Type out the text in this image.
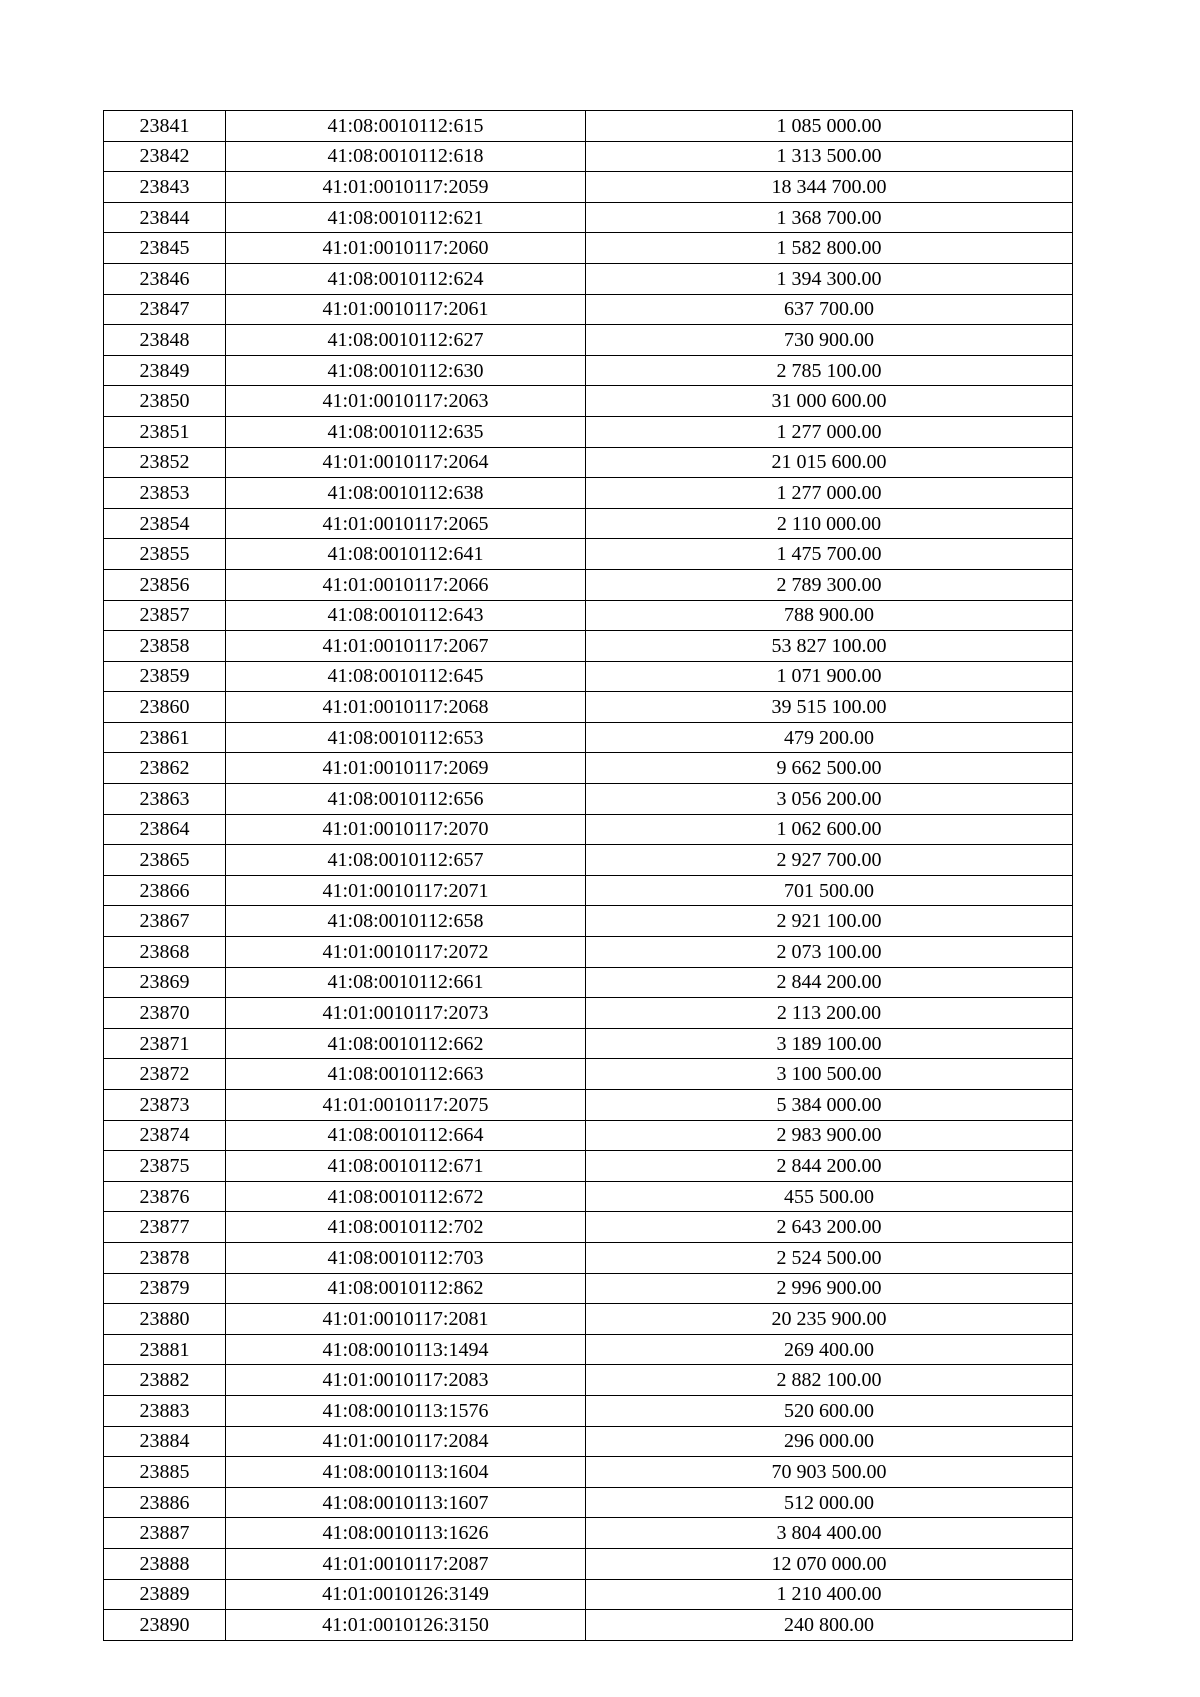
23841	41:08:0010112:615	1 085 000.00
23842	41:08:0010112:618	1 313 500.00
23843	41:01:0010117:2059	18 344 700.00
23844	41:08:0010112:621	1 368 700.00
23845	41:01:0010117:2060	1 582 800.00
23846	41:08:0010112:624	1 394 300.00
23847	41:01:0010117:2061	637 700.00
23848	41:08:0010112:627	730 900.00
23849	41:08:0010112:630	2 785 100.00
23850	41:01:0010117:2063	31 000 600.00
23851	41:08:0010112:635	1 277 000.00
23852	41:01:0010117:2064	21 015 600.00
23853	41:08:0010112:638	1 277 000.00
23854	41:01:0010117:2065	2 110 000.00
23855	41:08:0010112:641	1 475 700.00
23856	41:01:0010117:2066	2 789 300.00
23857	41:08:0010112:643	788 900.00
23858	41:01:0010117:2067	53 827 100.00
23859	41:08:0010112:645	1 071 900.00
23860	41:01:0010117:2068	39 515 100.00
23861	41:08:0010112:653	479 200.00
23862	41:01:0010117:2069	9 662 500.00
23863	41:08:0010112:656	3 056 200.00
23864	41:01:0010117:2070	1 062 600.00
23865	41:08:0010112:657	2 927 700.00
23866	41:01:0010117:2071	701 500.00
23867	41:08:0010112:658	2 921 100.00
23868	41:01:0010117:2072	2 073 100.00
23869	41:08:0010112:661	2 844 200.00
23870	41:01:0010117:2073	2 113 200.00
23871	41:08:0010112:662	3 189 100.00
23872	41:08:0010112:663	3 100 500.00
23873	41:01:0010117:2075	5 384 000.00
23874	41:08:0010112:664	2 983 900.00
23875	41:08:0010112:671	2 844 200.00
23876	41:08:0010112:672	455 500.00
23877	41:08:0010112:702	2 643 200.00
23878	41:08:0010112:703	2 524 500.00
23879	41:08:0010112:862	2 996 900.00
23880	41:01:0010117:2081	20 235 900.00
23881	41:08:0010113:1494	269 400.00
23882	41:01:0010117:2083	2 882 100.00
23883	41:08:0010113:1576	520 600.00
23884	41:01:0010117:2084	296 000.00
23885	41:08:0010113:1604	70 903 500.00
23886	41:08:0010113:1607	512 000.00
23887	41:08:0010113:1626	3 804 400.00
23888	41:01:0010117:2087	12 070 000.00
23889	41:01:0010126:3149	1 210 400.00
23890	41:01:0010126:3150	240 800.00
